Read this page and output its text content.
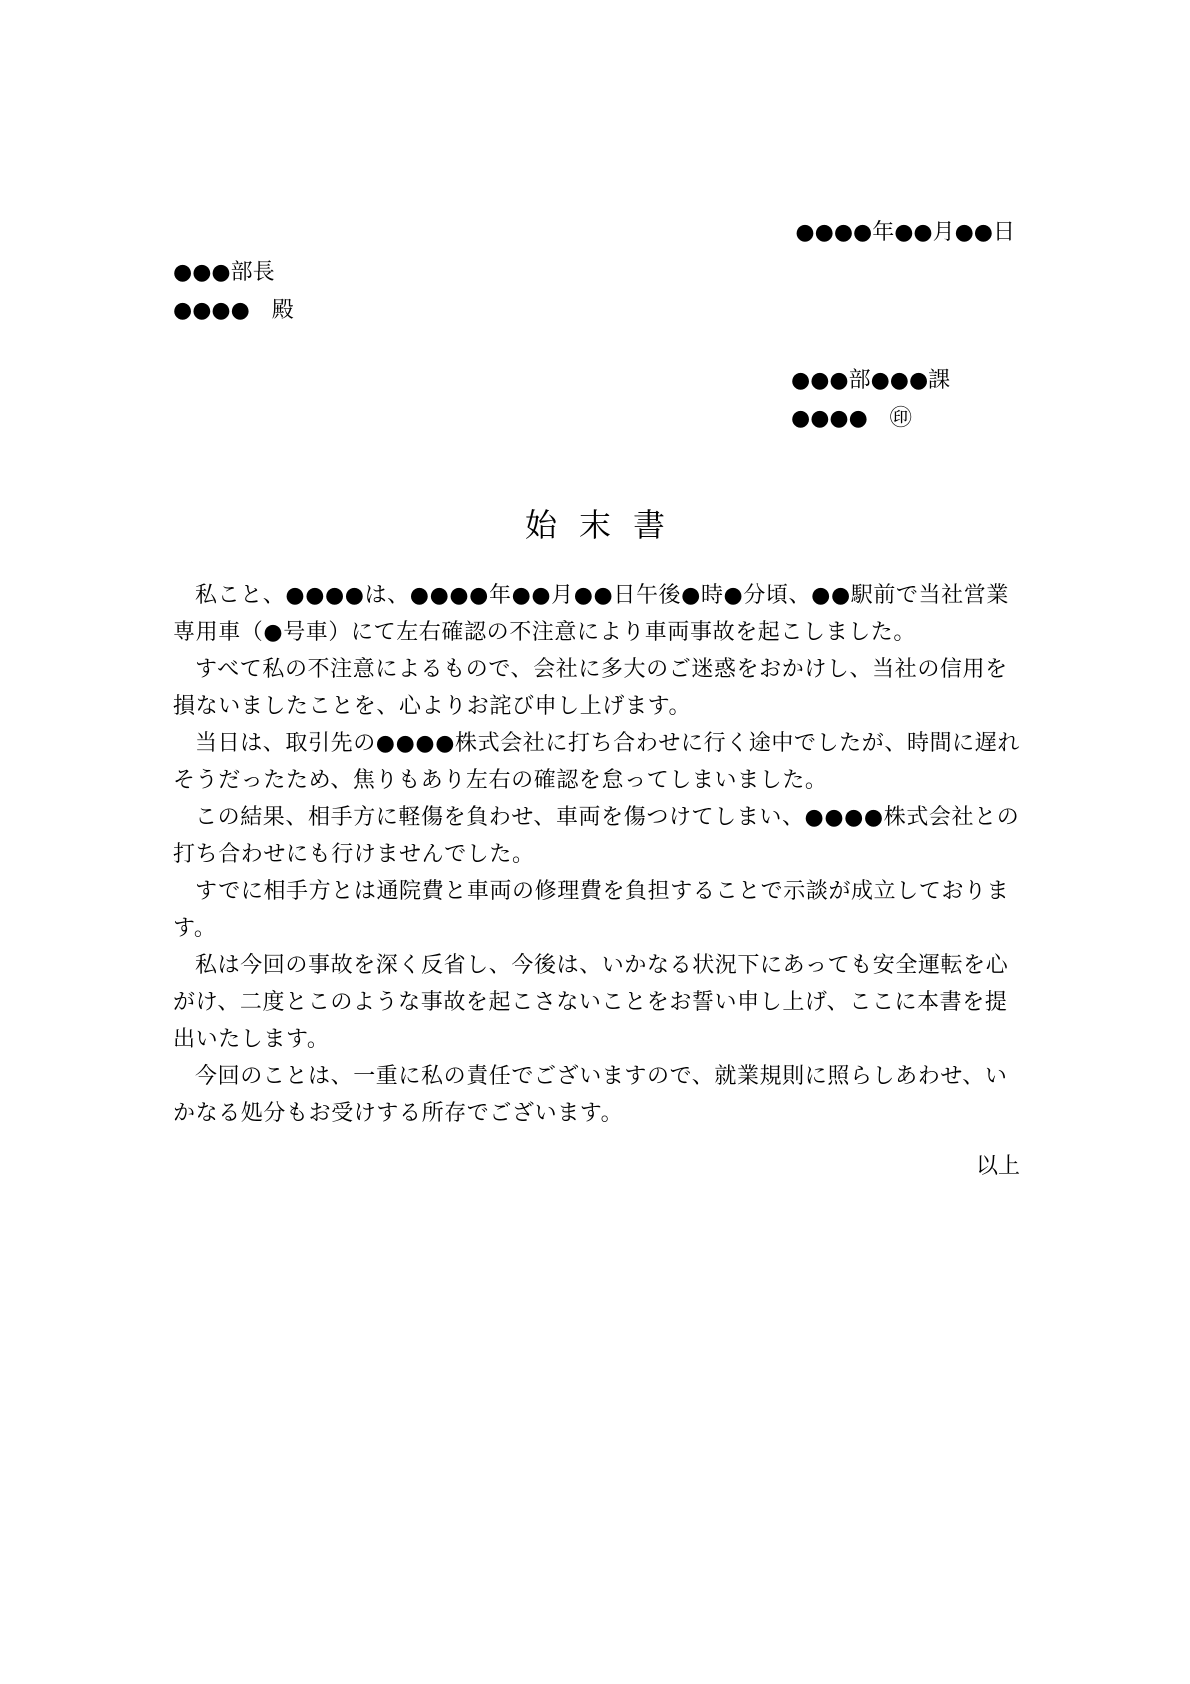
●●●●年●●月●●日
●●●部長
●●●●　殿
●●●部●●●課
●●●●　㊞
始末書

私こと、●●●●は、●●●●年●●月●●日午後●時●分頃、●●駅前で当社営業専用車（●号車）にて左右確認の不注意により車両事故を起こしました。

すべて私の不注意によるもので、会社に多大のご迷惑をおかけし、当社の信用を損ないましたことを、心よりお詫び申し上げます。

当日は、取引先の●●●●株式会社に打ち合わせに行く途中でしたが、時間に遅れそうだったため、焦りもあり左右の確認を怠ってしまいました。

この結果、相手方に軽傷を負わせ、車両を傷つけてしまい、●●●●株式会社との打ち合わせにも行けませんでした。

すでに相手方とは通院費と車両の修理費を負担することで示談が成立しております。

私は今回の事故を深く反省し、今後は、いかなる状況下にあっても安全運転を心がけ、二度とこのような事故を起こさないことをお誓い申し上げ、ここに本書を提出いたします。

今回のことは、一重に私の責任でございますので、就業規則に照らしあわせ、いかなる処分もお受けする所存でございます。

以上
